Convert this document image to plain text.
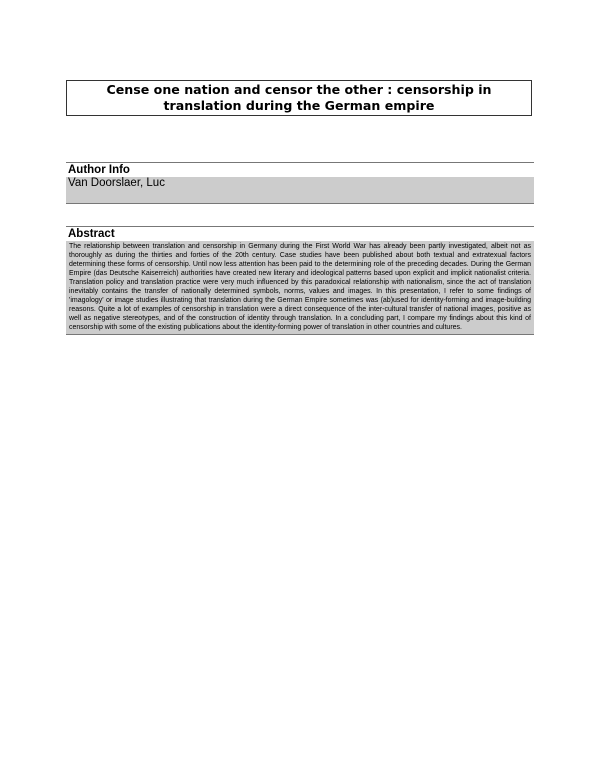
Cense one nation and censor the other : censorship in translation during the German empire
Author Info
Van Doorslaer, Luc
Abstract
The relationship between translation and censorship in Germany during the First World War has already been partly investigated, albeit not as thoroughly as during the thirties and forties of the 20th century. Case studies have been published about both textual and extratexual factors determining these forms of censorship. Until now less attention has been paid to the determining role of the preceding decades. During the German Empire (das Deutsche Kaiserreich) authorities have created new literary and ideological patterns based upon explicit and implicit nationalist criteria. Translation policy and translation practice were very much influenced by this paradoxical relationship with nationalism, since the act of translation inevitably contains the transfer of nationally determined symbols, norms, values and images. In this presentation, I refer to some findings of 'imagology' or image studies illustrating that translation during the German Empire sometimes was (ab)used for identity-forming and image-building reasons. Quite a lot of examples of censorship in translation were a direct consequence of the inter-cultural transfer of national images, positive as well as negative stereotypes, and of the construction of identity through translation. In a concluding part, I compare my findings about this kind of censorship with some of the existing publications about the identity-forming power of translation in other countries and cultures.
